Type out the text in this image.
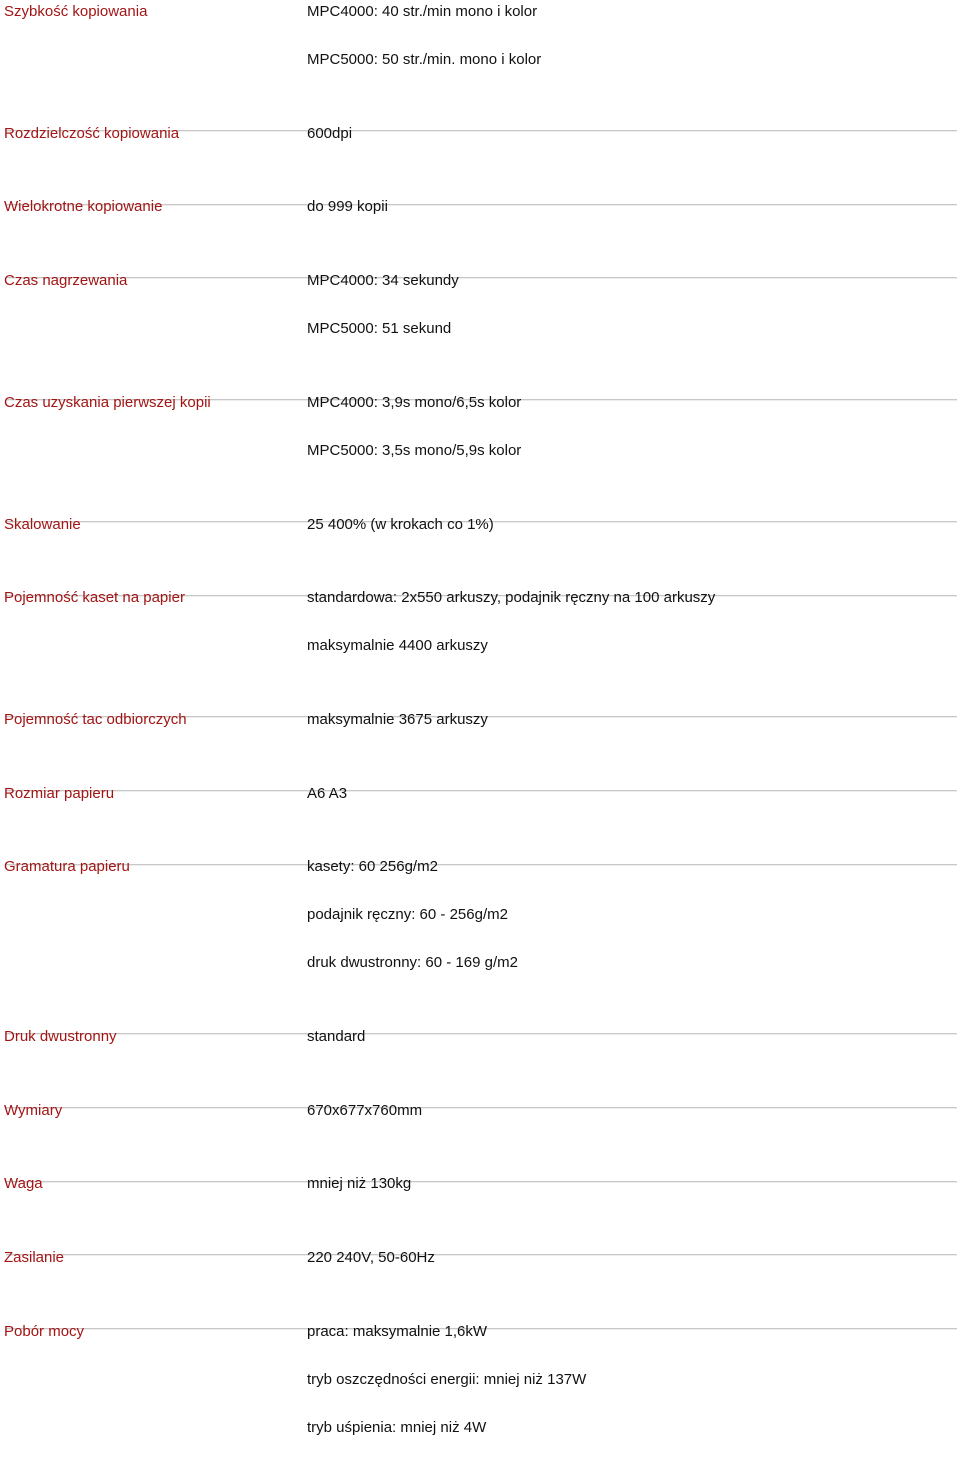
Szybkość kopiowania	MPC4000: 40 str./min mono i kolor
MPC5000: 50 str./min. mono i kolor
Rozdzielczość kopiowania	600dpi
Wielokrotne kopiowanie	do 999 kopii
Czas nagrzewania	MPC4000: 34 sekundy
MPC5000: 51 sekund
Czas uzyskania pierwszej kopii	MPC4000: 3,9s mono/6,5s kolor
MPC5000: 3,5s mono/5,9s kolor
Skalowanie	25 400% (w krokach co 1%)
Pojemność kaset na papier	standardowa: 2x550 arkuszy, podajnik ręczny na 100 arkuszy
maksymalnie 4400 arkuszy
Pojemność tac odbiorczych	maksymalnie 3675 arkuszy
Rozmiar papieru	A6 A3
Gramatura papieru	kasety: 60 256g/m2
podajnik ręczny: 60 - 256g/m2
druk dwustronny: 60 - 169 g/m2
Druk dwustronny	standard
Wymiary	670x677x760mm
Waga	mniej niż 130kg
Zasilanie	220 240V, 50-60Hz
Pobór mocy	praca: maksymalnie 1,6kW
tryb oszczędności energii: mniej niż 137W
tryb uśpienia: mniej niż 4W
